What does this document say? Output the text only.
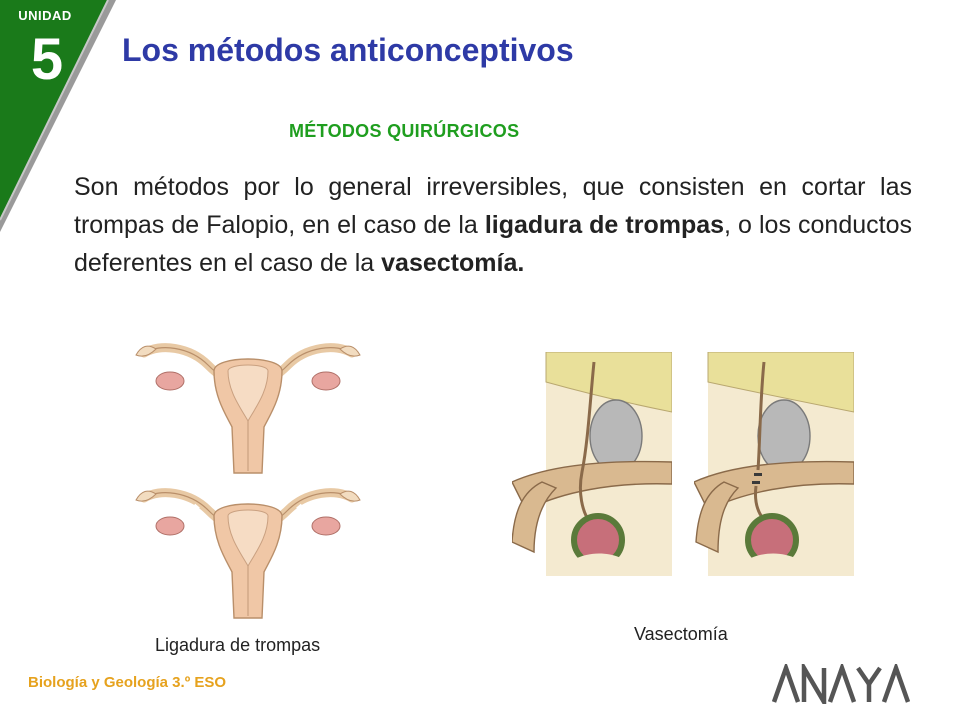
UNIDAD
5	Los métodos anticonceptivos
MÉTODOS QUIRÚRGICOS

Son métodos por lo general irreversibles, que consisten en cortar las trompas de Falopio, en el caso de la ligadura de trompas, o los conductos deferentes en el caso de la vasectomía.

Ligadura de trompas
Vasectomía
Biología y Geología 3.º ESO
